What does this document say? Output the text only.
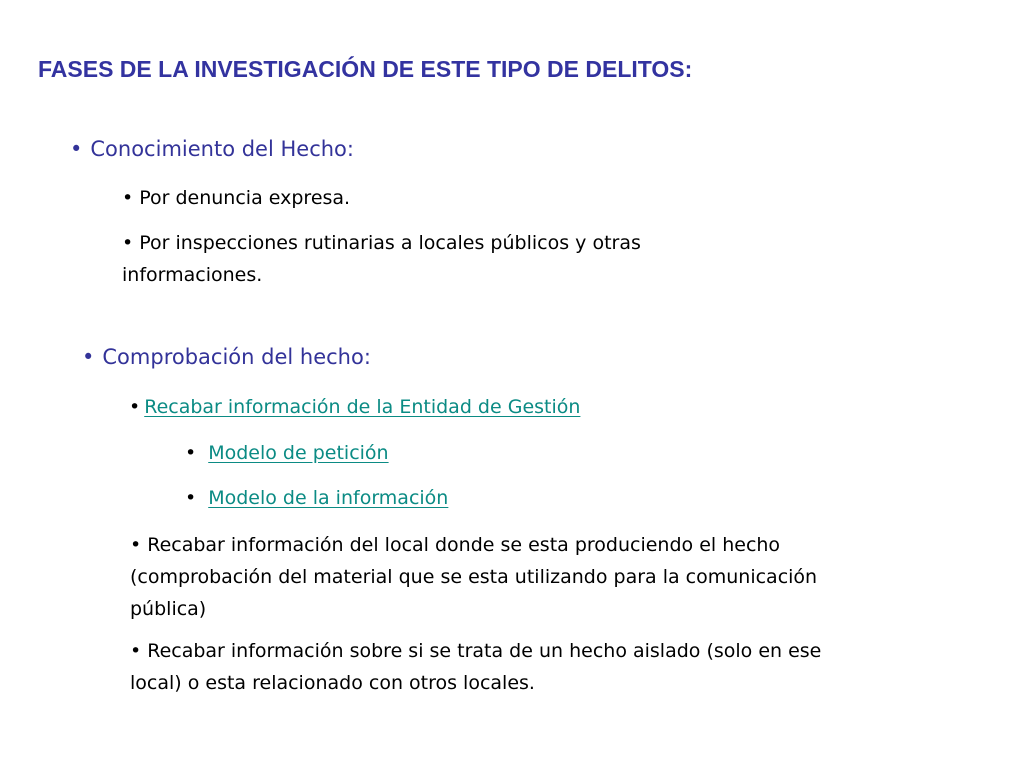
FASES DE LA INVESTIGACIÓN DE ESTE TIPO DE DELITOS:
• Conocimiento del Hecho:
• Por denuncia expresa.
• Por inspecciones rutinarias a locales públicos y otras informaciones.
• Comprobación del hecho:
• Recabar información de la Entidad de Gestión
• Modelo de petición
• Modelo de la información
• Recabar información del local donde se esta produciendo el hecho (comprobación del material que se esta utilizando para la comunicación pública)
• Recabar información sobre si se trata de un hecho aislado (solo en ese local) o esta relacionado con otros locales.
